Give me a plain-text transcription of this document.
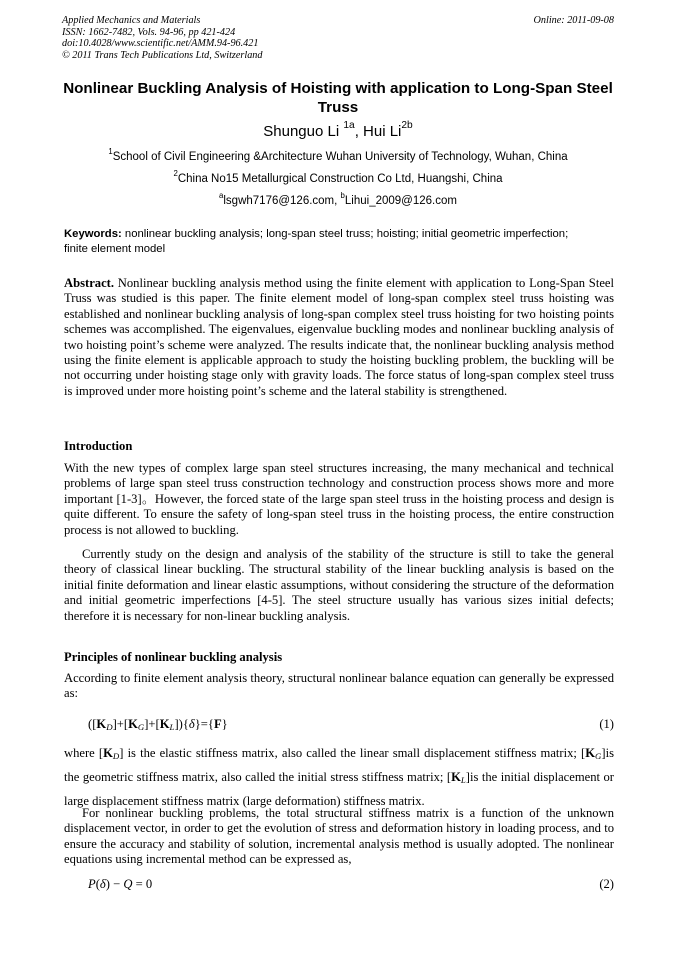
Applied Mechanics and Materials
ISSN: 1662-7482, Vols. 94-96, pp 421-424
doi:10.4028/www.scientific.net/AMM.94-96.421
© 2011 Trans Tech Publications Ltd, Switzerland
Online: 2011-09-08
Nonlinear Buckling Analysis of Hoisting with application to Long-Span Steel Truss
Shunguo Li $^{1a}$, Hui $Li^{2b}$
$^1$School of Civil Engineering &Architecture Wuhan University of Technology, Wuhan, China
$^2$China No15 Metallurgical Construction Co Ltd, Huangshi, China
$^a$lsgwh7176@126.com, $^b$Lihui_2009@126.com
Keywords: nonlinear buckling analysis; long-span steel truss; hoisting; initial geometric imperfection; finite element model
Abstract. Nonlinear buckling analysis method using the finite element with application to Long-Span Steel Truss was studied is this paper. The finite element model of long-span complex steel truss hoisting was established and nonlinear buckling analysis of long-span complex steel truss hoisting for two hoisting points schemes was accomplished. The eigenvalues, eigenvalue buckling modes and nonlinear buckling analysis of two hoisting point’s scheme were analyzed. The results indicate that, the nonlinear buckling analysis method using the finite element is applicable approach to study the hoisting buckling problem, the buckling will be not occurring under hoisting stage only with gravity loads. The force status of long-span complex steel truss is improved under more hoisting point’s scheme and the lateral stability is strengthened.
Introduction
With the new types of complex large span steel structures increasing, the many mechanical and technical problems of large span steel truss construction technology and construction process shows more and more important [1-3]。However, the forced state of the large span steel truss in the hoisting process and design is quite different. To ensure the safety of long-span steel truss in the hoisting process, the entire construction process is not allowed to buckling.
Currently study on the design and analysis of the stability of the structure is still to take the general theory of classical linear buckling. The structural stability of the linear buckling analysis is based on the initial finite deformation and linear elastic assumptions, without considering the structure of the deformation and initial geometric imperfections [4-5]. The steel structure usually has various sizes initial defects; therefore it is necessary for non-linear buckling analysis.
Principles of nonlinear buckling analysis
According to finite element analysis theory, structural nonlinear balance equation can generally be expressed as:
$([K_D]+[K_G]+[K_L])\{\delta\}=\{F\}$	(1)
where $[K_D]$ is the elastic stiffness matrix, also called the linear small displacement stiffness matrix; $[K_G]is$ the geometric stiffness matrix, also called the initial stress stiffness matrix; $[K_L]is$ the initial displacement or large displacement stiffness matrix (large deformation) stiffness matrix.
For nonlinear buckling problems, the total structural stiffness matrix is a function of the unknown displacement vector, in order to get the evolution of stress and deformation history in loading process, and to ensure the accuracy and stability of solution, incremental analysis method is usually adopted. The nonlinear equations using incremental method can be expressed as,
P(δ) − Q = 0	(2)
